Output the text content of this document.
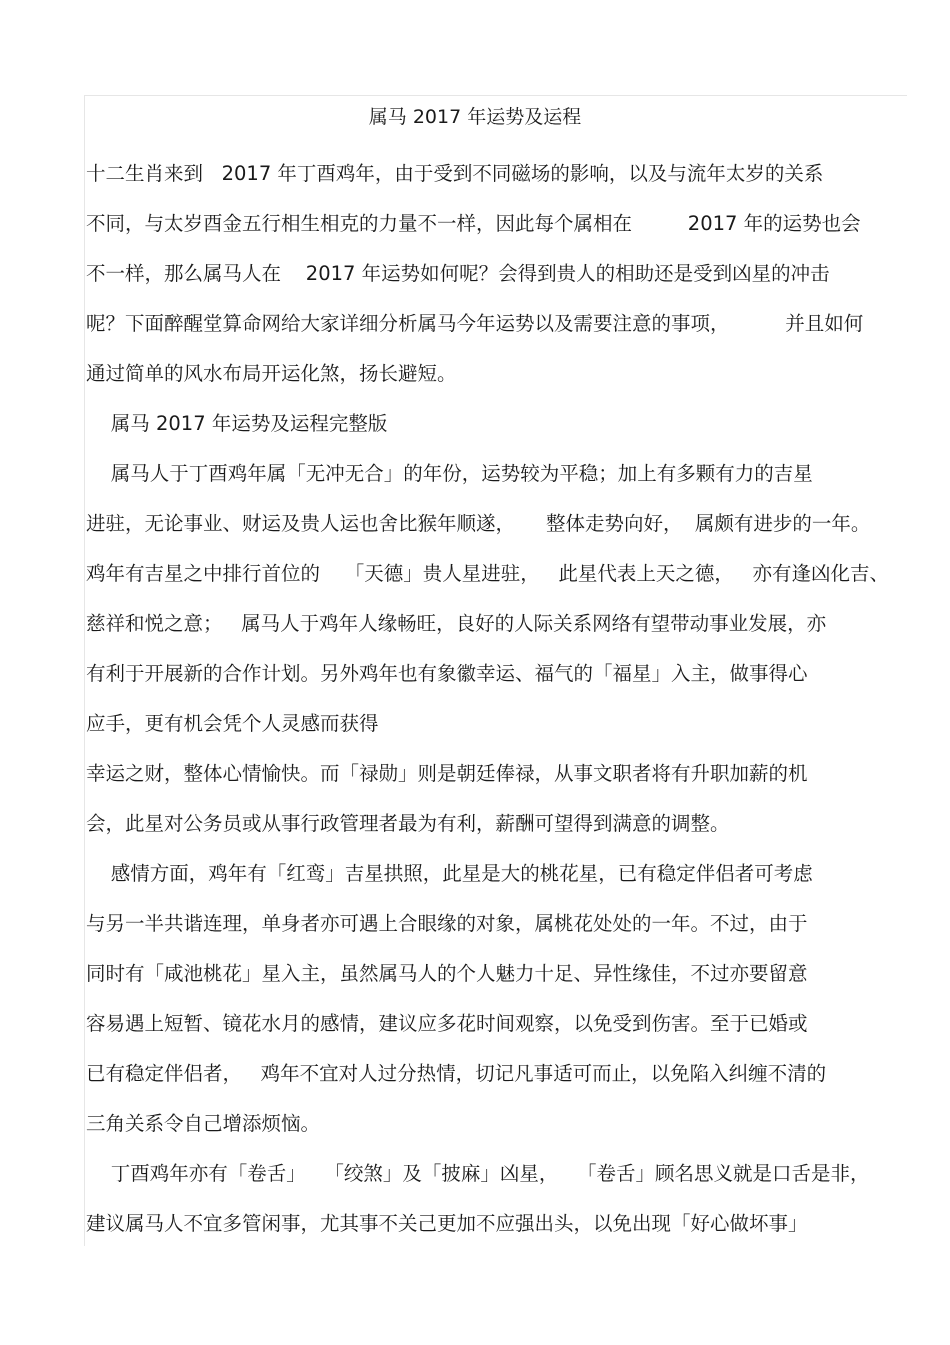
属马 2017 年运势及运程
十二生肖来到   2017 年丁酉鸡年，由于受到不同磁场的影响，以及与流年太岁的关系
不同，与太岁酉金五行相生相克的力量不一样，因此每个属相在         2017 年的运势也会
不一样，那么属马人在    2017 年运势如何呢？会得到贵人的相助还是受到凶星的冲击
呢？下面醉醒堂算命网给大家详细分析属马今年运势以及需要注意的事项，         并且如何
通过简单的风水布局开运化煞，扬长避短。
属马 2017 年运势及运程完整版
属马人于丁酉鸡年属「无冲无合」的年份，运势较为平稳；加上有多颗有力的吉星
进驻，无论事业、财运及贵人运也舍比猴年顺遂，     整体走势向好，  属颇有进步的一年。
鸡年有吉星之中排行首位的    「天德」贵人星进驻，   此星代表上天之德，   亦有逢凶化吉、
慈祥和悦之意；   属马人于鸡年人缘畅旺，良好的人际关系网络有望带动事业发展，亦
有利于开展新的合作计划。另外鸡年也有象徽幸运、福气的「福星」入主，做事得心
应手，更有机会凭个人灵感而获得
幸运之财，整体心情愉快。而「禄勋」则是朝廷俸禄，从事文职者将有升职加薪的机
会，此星对公务员或从事行政管理者最为有利，薪酬可望得到满意的调整。
感情方面，鸡年有「红鸾」吉星拱照，此星是大的桃花星，已有稳定伴侣者可考虑
与另一半共谐连理，单身者亦可遇上合眼缘的对象，属桃花处处的一年。不过，由于
同时有「咸池桃花」星入主，虽然属马人的个人魅力十足、异性缘佳，不过亦要留意
容易遇上短暂、镜花水月的感情，建议应多花时间观察，以免受到伤害。至于已婚或
已有稳定伴侣者，   鸡年不宜对人过分热情，切记凡事适可而止，以免陷入纠缠不清的
三角关系令自己增添烦恼。
丁酉鸡年亦有「卷舌」   「绞煞」及「披麻」凶星，   「卷舌」顾名思义就是口舌是非，
建议属马人不宜多管闲事，尤其事不关己更加不应强出头，以免出现「好心做坏事」
